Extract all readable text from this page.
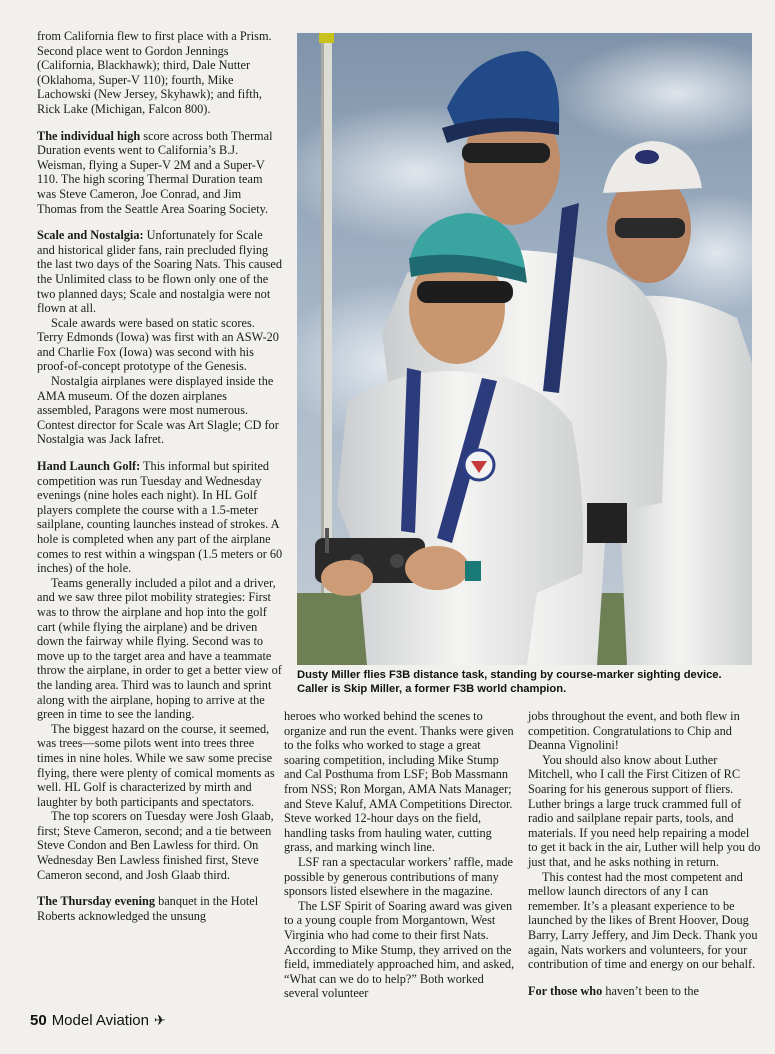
from California flew to first place with a Prism. Second place went to Gordon Jennings (California, Blackhawk); third, Dale Nutter (Oklahoma, Super-V 110); fourth, Mike Lachowski (New Jersey, Skyhawk); and fifth, Rick Lake (Michigan, Falcon 800).

The individual high score across both Thermal Duration events went to California’s B.J. Weisman, flying a Super-V 2M and a Super-V 110. The high scoring Thermal Duration team was Steve Cameron, Joe Conrad, and Jim Thomas from the Seattle Area Soaring Society.

Scale and Nostalgia: Unfortunately for Scale and historical glider fans, rain precluded flying the last two days of the Soaring Nats. This caused the Unlimited class to be flown only one of the two planned days; Scale and nostalgia were not flown at all.

Scale awards were based on static scores. Terry Edmonds (Iowa) was first with an ASW-20 and Charlie Fox (Iowa) was second with his proof-of-concept prototype of the Genesis.

Nostalgia airplanes were displayed inside the AMA museum. Of the dozen airplanes assembled, Paragons were most numerous. Contest director for Scale was Art Slagle; CD for Nostalgia was Jack Iafret.

Hand Launch Golf: This informal but spirited competition was run Tuesday and Wednesday evenings (nine holes each night). In HL Golf players complete the course with a 1.5-meter sailplane, counting launches instead of strokes. A hole is completed when any part of the airplane comes to rest within a wingspan (1.5 meters or 60 inches) of the hole.

Teams generally included a pilot and a driver, and we saw three pilot mobility strategies: First was to throw the airplane and hop into the golf cart (while flying the airplane) and be driven down the fairway while flying. Second was to move up to the target area and have a teammate throw the airplane, in order to get a better view of the landing area. Third was to launch and sprint along with the airplane, hoping to arrive at the green in time to see the landing.

The biggest hazard on the course, it seemed, was trees—some pilots went into trees three times in nine holes. While we saw some precise flying, there were plenty of comical moments as well. HL Golf is characterized by mirth and laughter by both participants and spectators.

The top scorers on Tuesday were Josh Glaab, first; Steve Cameron, second; and a tie between Steve Condon and Ben Lawless for third. On Wednesday Ben Lawless finished first, Steve Cameron second, and Josh Glaab third.

The Thursday evening banquet in the Hotel Roberts acknowledged the unsung

Dusty Miller flies F3B distance task, standing by course-marker sighting device. Caller is Skip Miller, a former F3B world champion.

heroes who worked behind the scenes to organize and run the event. Thanks were given to the folks who worked to stage a great soaring competition, including Mike Stump and Cal Posthuma from LSF; Bob Massmann from NSS; Ron Morgan, AMA Nats Manager; and Steve Kaluf, AMA Competitions Director. Steve worked 12-hour days on the field, handling tasks from hauling water, cutting grass, and marking winch line.

LSF ran a spectacular workers’ raffle, made possible by generous contributions of many sponsors listed elsewhere in the magazine.

The LSF Spirit of Soaring award was given to a young couple from Morgantown, West Virginia who had come to their first Nats. According to Mike Stump, they arrived on the field, immediately approached him, and asked, “What can we do to help?” Both worked several volunteer

jobs throughout the event, and both flew in competition. Congratulations to Chip and Deanna Vignolini!

You should also know about Luther Mitchell, who I call the First Citizen of RC Soaring for his generous support of fliers. Luther brings a large truck crammed full of radio and sailplane repair parts, tools, and materials. If you need help repairing a model to get it back in the air, Luther will help you do just that, and he asks nothing in return.

This contest had the most competent and mellow launch directors of any I can remember. It’s a pleasant experience to be launched by the likes of Brent Hoover, Doug Barry, Larry Jeffery, and Jim Deck. Thank you again, Nats workers and volunteers, for your contribution of time and energy on our behalf.

For those who haven’t been to the

50 Model Aviation ✈
